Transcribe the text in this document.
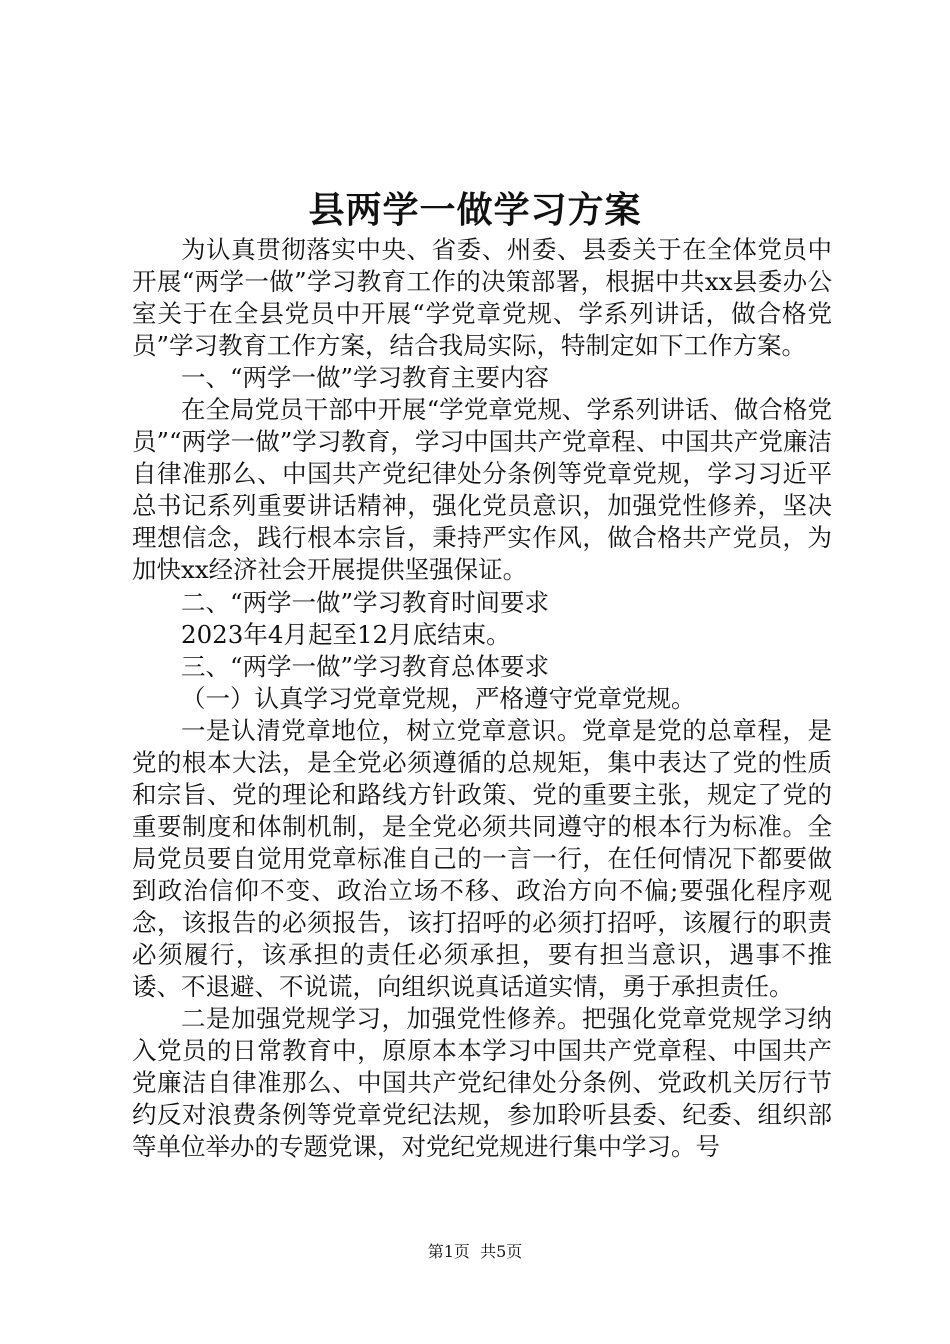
县两学一做学习方案

为认真贯彻落实中央、省委、州委、县委关于在全体党员中开展“两学一做”学习教育工作的决策部署，根据中共xx县委办公室关于在全县党员中开展“学党章党规、学系列讲话，做合格党员”学习教育工作方案，结合我局实际，特制定如下工作方案。

一、“两学一做”学习教育主要内容

在全局党员干部中开展“学党章党规、学系列讲话、做合格党员”“两学一做”学习教育，学习中国共产党章程、中国共产党廉洁自律准那么、中国共产党纪律处分条例等党章党规，学习习近平总书记系列重要讲话精神，强化党员意识，加强党性修养，坚决理想信念，践行根本宗旨，秉持严实作风，做合格共产党员，为加快xx经济社会开展提供坚强保证。

二、“两学一做”学习教育时间要求

2023年4月起至12月底结束。

三、“两学一做”学习教育总体要求

（一）认真学习党章党规，严格遵守党章党规。

一是认清党章地位，树立党章意识。党章是党的总章程，是党的根本大法，是全党必须遵循的总规矩，集中表达了党的性质和宗旨、党的理论和路线方针政策、党的重要主张，规定了党的重要制度和体制机制，是全党必须共同遵守的根本行为标准。全局党员要自觉用党章标准自己的一言一行，在任何情况下都要做到政治信仰不变、政治立场不移、政治方向不偏;要强化程序观念，该报告的必须报告，该打招呼的必须打招呼，该履行的职责必须履行，该承担的责任必须承担，要有担当意识，遇事不推诿、不退避、不说谎，向组织说真话道实情，勇于承担责任。

二是加强党规学习，加强党性修养。把强化党章党规学习纳入党员的日常教育中，原原本本学习中国共产党章程、中国共产党廉洁自律准那么、中国共产党纪律处分条例、党政机关厉行节约反对浪费条例等党章党纪法规，参加聆听县委、纪委、组织部等单位举办的专题党课，对党纪党规进行集中学习。号

第1页 共5页
